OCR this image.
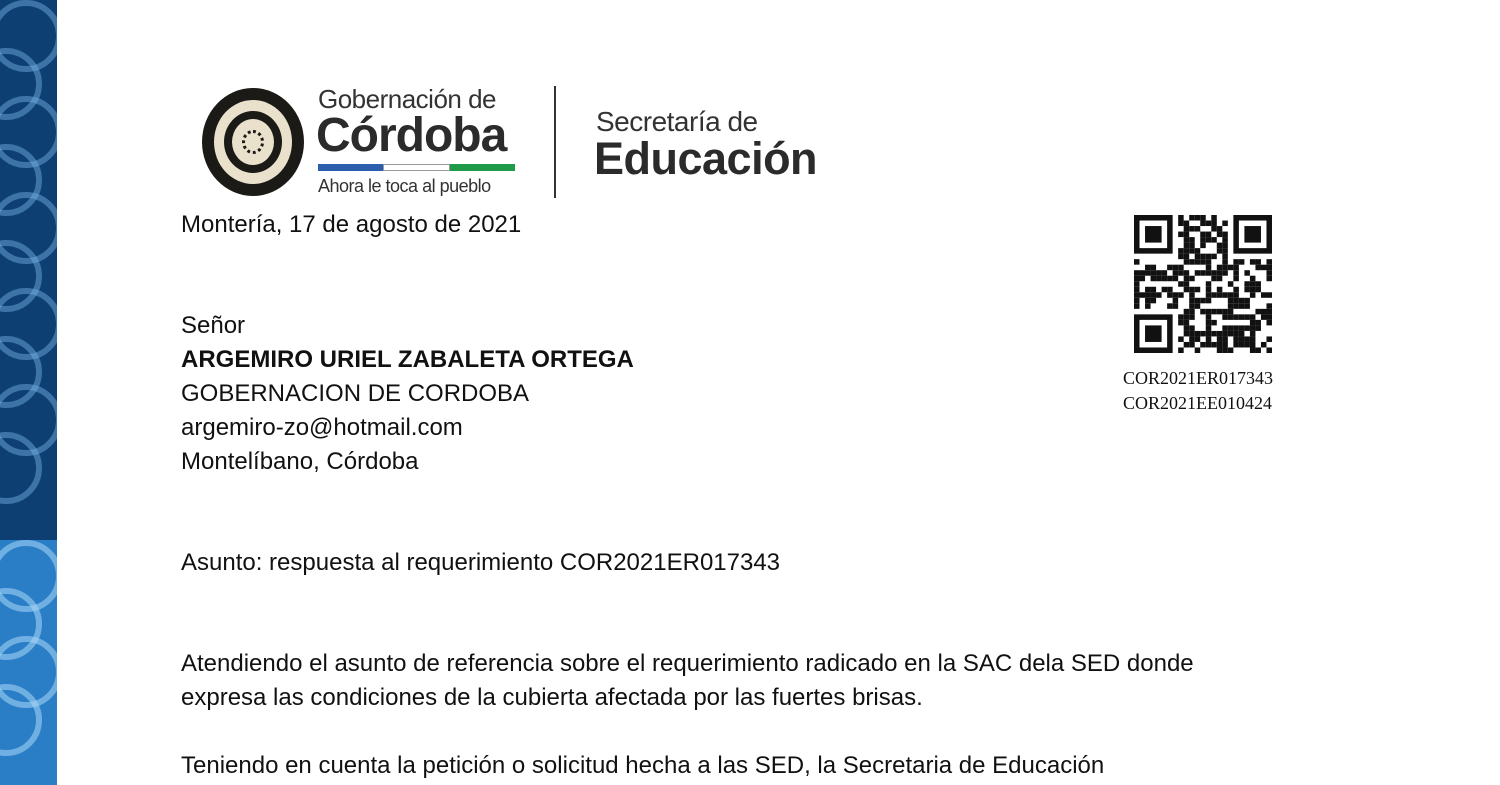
Gobernación de
Córdoba
Ahora le toca al pueblo
Secretaría de
Educación
Montería, 17 de agosto de 2021
COR2021ER017343
COR2021EE010424
Señor
ARGEMIRO URIEL ZABALETA ORTEGA
GOBERNACION DE CORDOBA
argemiro-zo@hotmail.com
Montelíbano, Córdoba
Asunto: respuesta al requerimiento COR2021ER017343
Atendiendo el asunto de referencia sobre el requerimiento radicado en la SAC dela SED donde
expresa las condiciones de la cubierta afectada por las fuertes brisas.
Teniendo en cuenta la petición o solicitud hecha a las SED, la Secretaria de Educación
